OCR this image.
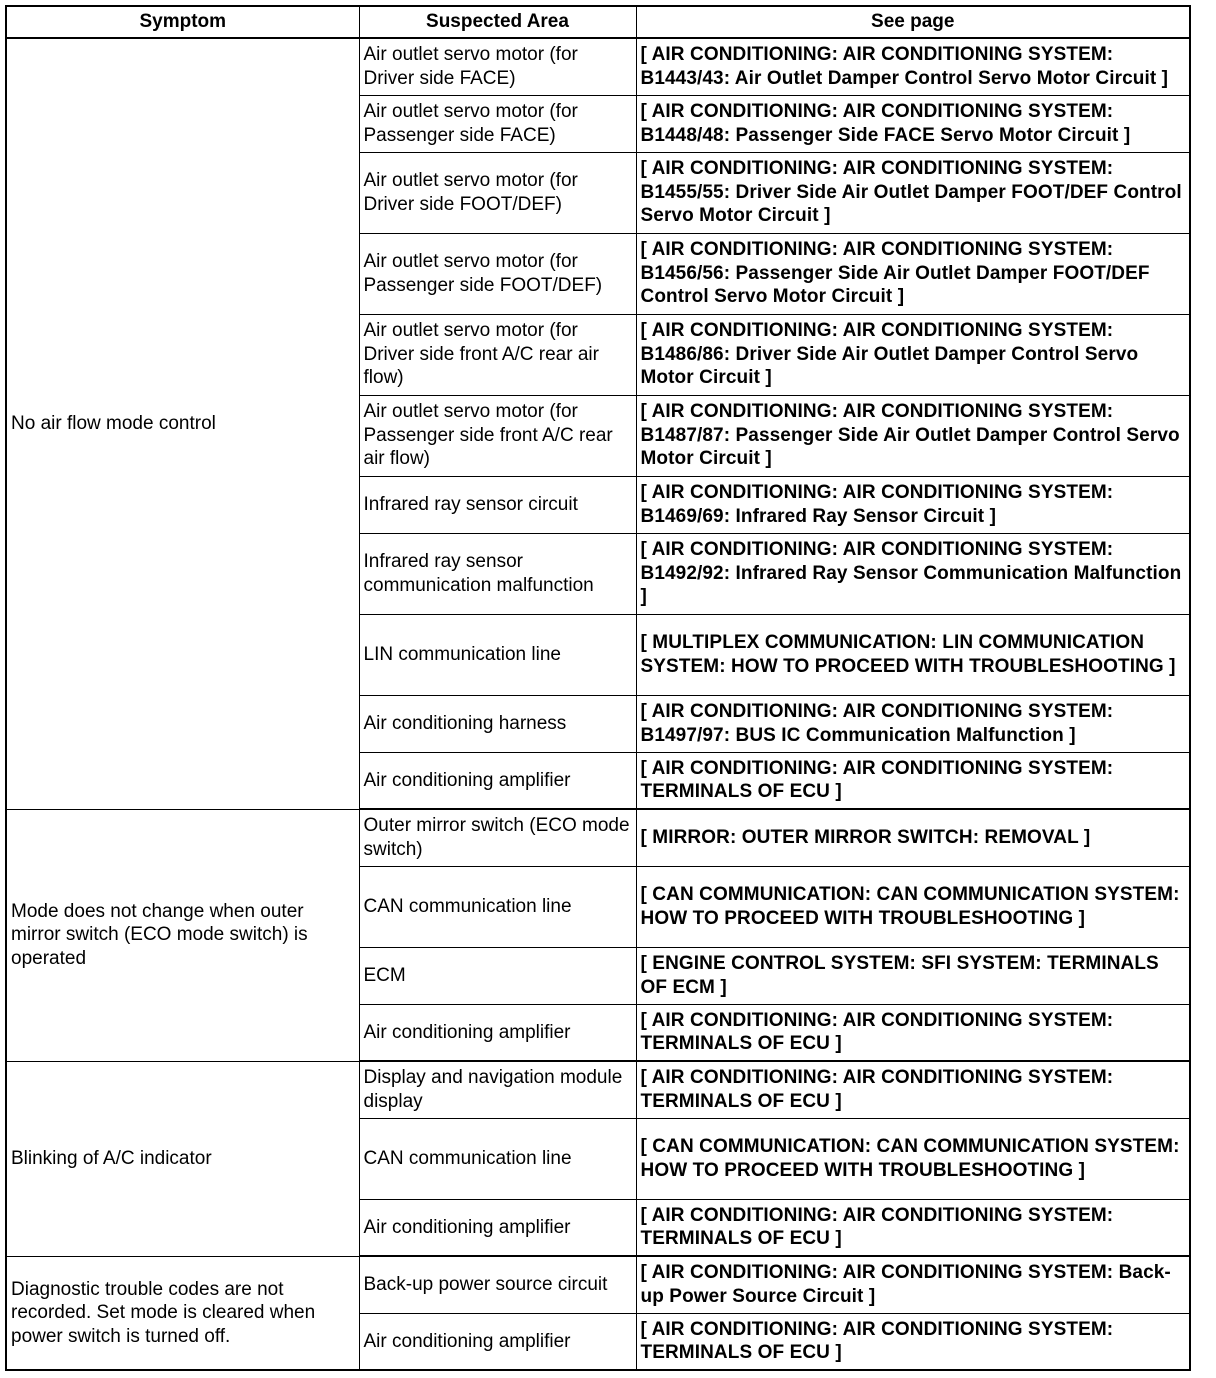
Symptom	Suspected Area	See page
No air flow mode control	Air outlet servo motor (for Driver side FACE)	[ AIR CONDITIONING: AIR CONDITIONING SYSTEM: B1443/43: Air Outlet Damper Control Servo Motor Circuit ]
	Air outlet servo motor (for Passenger side FACE)	[ AIR CONDITIONING: AIR CONDITIONING SYSTEM: B1448/48: Passenger Side FACE Servo Motor Circuit ]
	Air outlet servo motor (for Driver side FOOT/DEF)	[ AIR CONDITIONING: AIR CONDITIONING SYSTEM: B1455/55: Driver Side Air Outlet Damper FOOT/DEF Control Servo Motor Circuit ]
	Air outlet servo motor (for Passenger side FOOT/DEF)	[ AIR CONDITIONING: AIR CONDITIONING SYSTEM: B1456/56: Passenger Side Air Outlet Damper FOOT/DEF Control Servo Motor Circuit ]
	Air outlet servo motor (for Driver side front A/C rear air flow)	[ AIR CONDITIONING: AIR CONDITIONING SYSTEM: B1486/86: Driver Side Air Outlet Damper Control Servo Motor Circuit ]
	Air outlet servo motor (for Passenger side front A/C rear air flow)	[ AIR CONDITIONING: AIR CONDITIONING SYSTEM: B1487/87: Passenger Side Air Outlet Damper Control Servo Motor Circuit ]
	Infrared ray sensor circuit	[ AIR CONDITIONING: AIR CONDITIONING SYSTEM: B1469/69: Infrared Ray Sensor Circuit ]
	Infrared ray sensor communication malfunction	[ AIR CONDITIONING: AIR CONDITIONING SYSTEM: B1492/92: Infrared Ray Sensor Communication Malfunction ]
	LIN communication line	[ MULTIPLEX COMMUNICATION: LIN COMMUNICATION SYSTEM: HOW TO PROCEED WITH TROUBLESHOOTING ]
	Air conditioning harness	[ AIR CONDITIONING: AIR CONDITIONING SYSTEM: B1497/97: BUS IC Communication Malfunction ]
	Air conditioning amplifier	[ AIR CONDITIONING: AIR CONDITIONING SYSTEM: TERMINALS OF ECU ]
Mode does not change when outer mirror switch (ECO mode switch) is operated	Outer mirror switch (ECO mode switch)	[ MIRROR: OUTER MIRROR SWITCH: REMOVAL ]
	CAN communication line	[ CAN COMMUNICATION: CAN COMMUNICATION SYSTEM: HOW TO PROCEED WITH TROUBLESHOOTING ]
	ECM	[ ENGINE CONTROL SYSTEM: SFI SYSTEM: TERMINALS OF ECM ]
	Air conditioning amplifier	[ AIR CONDITIONING: AIR CONDITIONING SYSTEM: TERMINALS OF ECU ]
Blinking of A/C indicator	Display and navigation module display	[ AIR CONDITIONING: AIR CONDITIONING SYSTEM: TERMINALS OF ECU ]
	CAN communication line	[ CAN COMMUNICATION: CAN COMMUNICATION SYSTEM: HOW TO PROCEED WITH TROUBLESHOOTING ]
	Air conditioning amplifier	[ AIR CONDITIONING: AIR CONDITIONING SYSTEM: TERMINALS OF ECU ]
Diagnostic trouble codes are not recorded. Set mode is cleared when power switch is turned off.	Back-up power source circuit	[ AIR CONDITIONING: AIR CONDITIONING SYSTEM: Back-up Power Source Circuit ]
	Air conditioning amplifier	[ AIR CONDITIONING: AIR CONDITIONING SYSTEM: TERMINALS OF ECU ]
